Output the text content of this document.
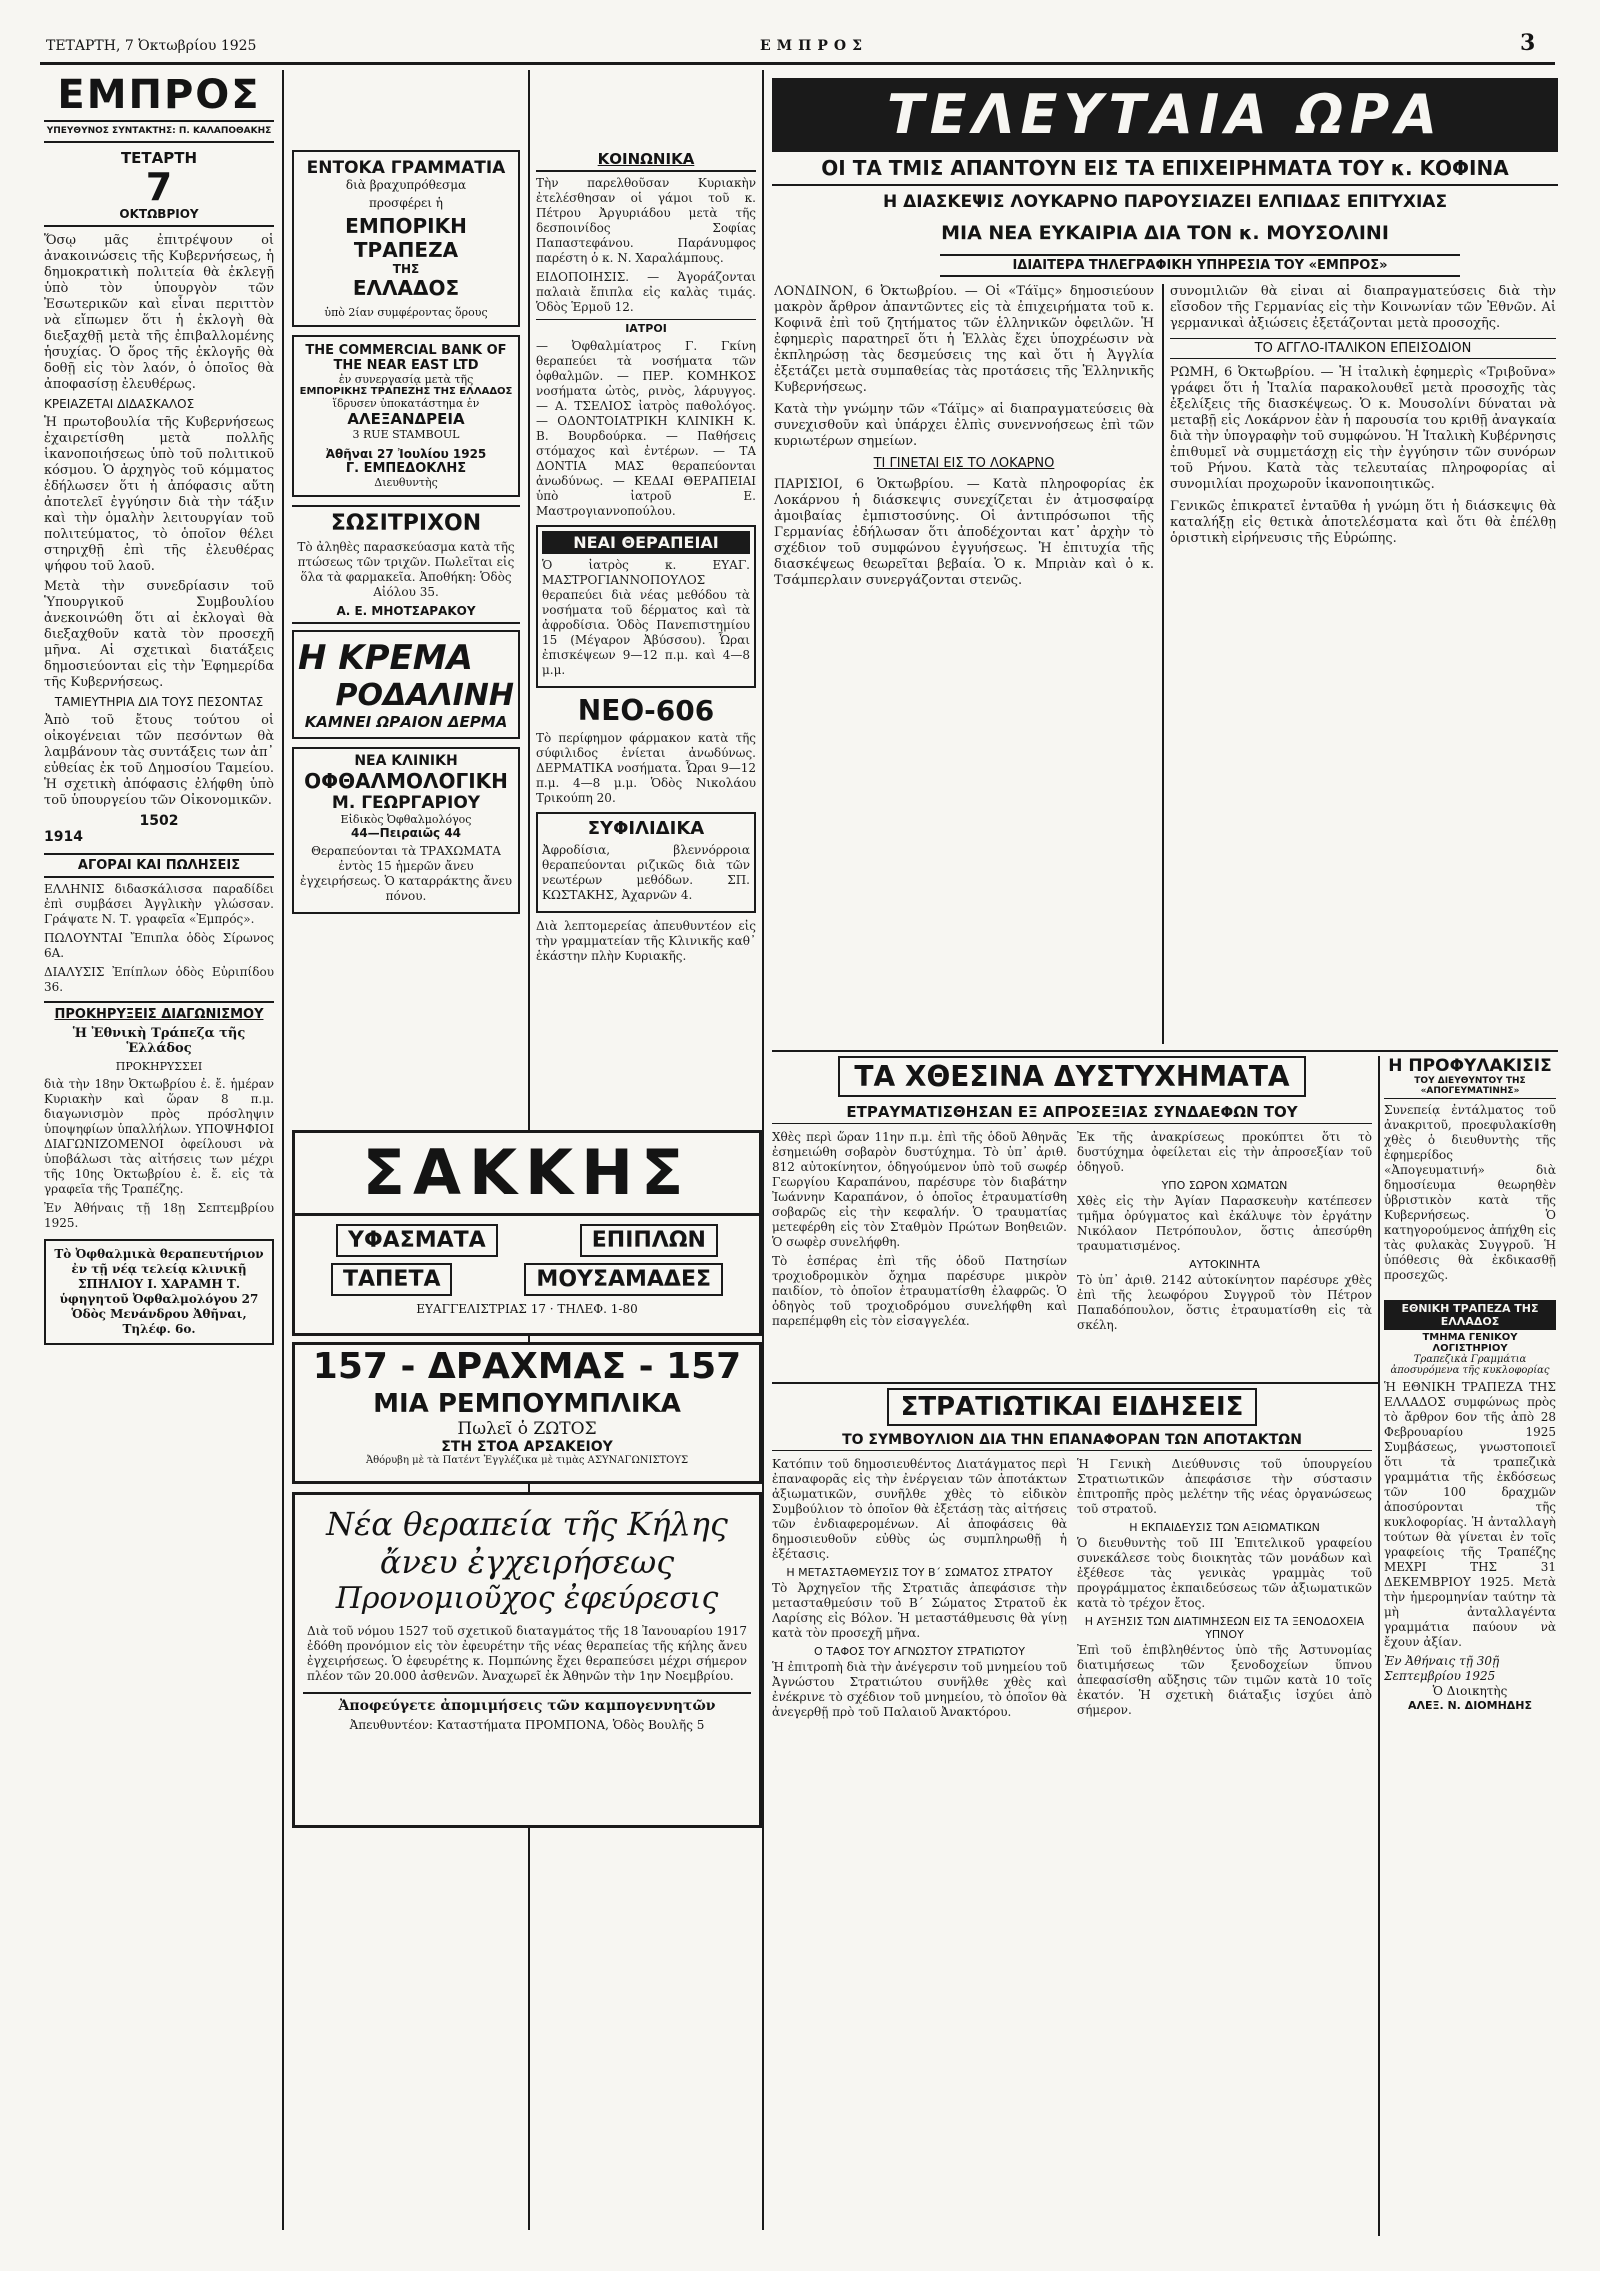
ΤΕΤΑΡΤΗ, 7 Ὀκτωβρίου 1925	ΕΜΠΡΟΣ	3
ΕΜΠΡΟΣ
ΥΠΕΥΘΥΝΟΣ ΣΥΝΤΑΚΤΗΣ: Π. ΚΑΛΑΠΟΘΑΚΗΣ
ΤΕΤΑΡΤΗ
7
ΟΚΤΩΒΡΙΟΥ

Ὅσῳ μᾶς ἐπιτρέψουν οἱ ἀνακοινώσεις τῆς Κυβερνήσεως, ἡ δημοκρατικὴ πολιτεία θὰ ἐκλεγῇ ὑπὸ τὸν ὑπουργὸν τῶν Ἐσωτερικῶν καὶ εἶναι περιττὸν νὰ εἴπωμεν ὅτι ἡ ἐκλογὴ θὰ διεξαχθῇ μετὰ τῆς ἐπιβαλλομένης ἡσυχίας. Ὁ ὅρος τῆς ἐκλογῆς θὰ δοθῇ εἰς τὸν λαόν, ὁ ὁποῖος θὰ ἀποφασίσῃ ἐλευθέρως.

ΚΡΕΙΑΖΕΤΑΙ ΔΙΔΑΣΚΑΛΟΣ

Ἡ πρωτοβουλία τῆς Κυβερνήσεως ἐχαιρετίσθη μετὰ πολλῆς ἱκανοποιήσεως ὑπὸ τοῦ πολιτικοῦ κόσμου. Ὁ ἀρχηγὸς τοῦ κόμματος ἐδήλωσεν ὅτι ἡ ἀπόφασις αὕτη ἀποτελεῖ ἐγγύησιν διὰ τὴν τάξιν καὶ τὴν ὁμαλὴν λειτουργίαν τοῦ πολιτεύματος, τὸ ὁποῖον θέλει στηριχθῇ ἐπὶ τῆς ἐλευθέρας ψήφου τοῦ λαοῦ.

Μετὰ τὴν συνεδρίασιν τοῦ Ὑπουργικοῦ Συμβουλίου ἀνεκοινώθη ὅτι αἱ ἐκλογαὶ θὰ διεξαχθοῦν κατὰ τὸν προσεχῆ μῆνα. Αἱ σχετικαὶ διατάξεις δημοσιεύονται εἰς τὴν Ἐφημερίδα τῆς Κυβερνήσεως.

ΤΑΜΙΕΥΤΗΡΙΑ ΔΙΑ ΤΟΥΣ ΠΕΣΟΝΤΑΣ

Ἀπὸ τοῦ ἔτους τούτου οἱ οἰκογένειαι τῶν πεσόντων θὰ λαμβάνουν τὰς συντάξεις των ἀπ᾿ εὐθείας ἐκ τοῦ Δημοσίου Ταμείου. Ἡ σχετικὴ ἀπόφασις ἐλήφθη ὑπὸ τοῦ ὑπουργείου τῶν Οἰκονομικῶν.

1502
1914
ΑΓΟΡΑΙ ΚΑΙ ΠΩΛΗΣΕΙΣ

ΕΛΛΗΝΙΣ διδασκάλισσα παραδίδει ἐπὶ συμβάσει Ἀγγλικὴν γλώσσαν. Γράψατε Ν. Τ. γραφεῖα «Ἐμπρός».

ΠΩΛΟΥΝΤΑΙ Ἔπιπλα ὁδὸς Σίρωνος 6Α.

ΔΙΑΛΥΣΙΣ Ἐπίπλων ὁδὸς Εὐριπίδου 36.

ΠΡΟΚΗΡΥΞΕΙΣ ΔΙΑΓΩΝΙΣΜΟΥ
Ἡ Ἐθνικὴ Τράπεζα τῆς Ἑλλάδος
ΠΡΟΚΗΡΥΣΣΕΙ

διὰ τὴν 18ην Ὀκτωβρίου ἐ. ἔ. ἡμέραν Κυριακὴν καὶ ὥραν 8 π.μ. διαγωνισμὸν πρὸς πρόσληψιν ὑποψηφίων ὑπαλλήλων. ΥΠΟΨΗΦΙΟΙ ΔΙΑΓΩΝΙΖΟΜΕΝΟΙ ὀφείλουσι νὰ ὑποβάλωσι τὰς αἰτήσεις των μέχρι τῆς 10ης Ὀκτωβρίου ἐ. ἔ. εἰς τὰ γραφεῖα τῆς Τραπέζης.

Ἐν Ἀθήναις τῇ 18ῃ Σεπτεμβρίου 1925.

Τὸ Ὀφθαλμικὰ θεραπευτήριον ἐν τῇ νέᾳ τελείᾳ κλινικῇ ΣΠΗΛΙΟΥ Ι. ΧΑΡΑΜΗ Τ. ὑφηγητοῦ Ὀφθαλμολόγου 27 Ὁδὸς Μενάνδρου Ἀθῆναι, Τηλέφ. 6ο.
ΕΝΤΟΚΑ ΓΡΑΜΜΑΤΙΑ
διὰ βραχυπρόθεσμα
προσφέρει ἡ
ΕΜΠΟΡΙΚΗ ΤΡΑΠΕΖΑ
ΤΗΣ
ΕΛΛΑΔΟΣ
ὑπὸ 2ίαν συμφέροντας ὅρους
THE COMMERCIAL BANK OF THE NEAR EAST LTD
ἐν συνεργασίᾳ μετὰ τῆς
ΕΜΠΟΡΙΚΗΣ ΤΡΑΠΕΖΗΣ ΤΗΣ ΕΛΛΑΔΟΣ
ἵδρυσεν ὑποκατάστημα ἐν
ΑΛΕΞΑΝΔΡΕΙΑ
3 RUE STAMBOUL
Ἀθῆναι 27 Ἰουλίου 1925
Γ. ΕΜΠΕΔΟΚΛΗΣ
Διευθυντὴς
ΣΩΣΙΤΡΙΧΟΝ

Τὸ ἀληθὲς παρασκεύασμα κατὰ τῆς πτώσεως τῶν τριχῶν. Πωλεῖται εἰς ὅλα τὰ φαρμακεῖα. Ἀποθήκη: Ὁδὸς Αἰόλου 35.

Α. Ε. ΜΗΟΤΣΑΡΑΚΟΥ
Η ΚΡΕΜΑ
ΡΟΔΑΛΙΝΗ
ΚΑΜΝΕΙ ΩΡΑΙΟΝ ΔΕΡΜΑ
ΝΕΑ ΚΛΙΝΙΚΗ
ΟΦΘΑΛΜΟΛΟΓΙΚΗ
Μ. ΓΕΩΡΓΑΡΙΟΥ
Εἰδικὸς Ὀφθαλμολόγος
44—Πειραιῶς 44

Θεραπεύονται τὰ ΤΡΑΧΩΜΑΤΑ ἐντὸς 15 ἡμερῶν ἄνευ ἐγχειρήσεως. Ὁ καταρράκτης ἄνευ πόνου.

ΚΟΙΝΩΝΙΚΑ

Τὴν παρελθοῦσαν Κυριακὴν ἐτελέσθησαν οἱ γάμοι τοῦ κ. Πέτρου Ἀργυριάδου μετὰ τῆς δεσποινίδος Σοφίας Παπαστεφάνου. Παράνυμφος παρέστη ὁ κ. Ν. Χαραλάμπους.

ΕΙΔΟΠΟΙΗΣΙΣ. — Ἀγοράζονται παλαιὰ ἔπιπλα εἰς καλὰς τιμάς. Ὁδὸς Ἑρμοῦ 12.

ΙΑΤΡΟΙ

— Ὀφθαλμίατρος Γ. Γκίνη θεραπεύει τὰ νοσήματα τῶν ὀφθαλμῶν. — ΠΕΡ. ΚΟΜΗΚΟΣ νοσήματα ὠτὸς, ρινὸς, λάρυγγος. — Α. ΤΣΕΛΙΟΣ ἰατρὸς παθολόγος. — ΟΔΟΝΤΟΙΑΤΡΙΚΗ ΚΛΙΝΙΚΗ Κ. Β. Βουρδούρκα. — Παθήσεις στόμαχος καὶ ἐντέρων. — ΤΑ ΔΟΝΤΙΑ ΜΑΣ θεραπεύονται ἀνωδύνως. — ΚΕΔΑΙ ΘΕΡΑΠΕΙΑΙ ὑπὸ ἰατροῦ Ε. Μαστρογιαννοπούλου.

ΝΕΑΙ ΘΕΡΑΠΕΙΑΙ

Ὁ ἰατρὸς κ. ΕΥΑΓ. ΜΑΣΤΡΟΓΙΑΝΝΟΠΟΥΛΟΣ θεραπεύει διὰ νέας μεθόδου τὰ νοσήματα τοῦ δέρματος καὶ τὰ ἀφροδίσια. Ὁδὸς Πανεπιστημίου 15 (Μέγαρον Ἀβύσσου). Ὧραι ἐπισκέψεων 9—12 π.μ. καὶ 4—8 μ.μ.

ΝΕΟ-606

Τὸ περίφημον φάρμακον κατὰ τῆς σύφιλιδος ἐνίεται ἀνωδύνως. ΔΕΡΜΑΤΙΚΑ νοσήματα. Ὧραι 9—12 π.μ. 4—8 μ.μ. Ὁδὸς Νικολάου Τρικούπη 20.

ΣΥΦΙΛΙΔΙΚΑ

Ἀφροδίσια, βλεννόρροια θεραπεύονται ριζικῶς διὰ τῶν νεωτέρων μεθόδων. ΣΠ. ΚΩΣΤΑΚΗΣ, Ἀχαρνῶν 4.

Διὰ λεπτομερείας ἀπευθυντέον εἰς τὴν γραμματείαν τῆς Κλινικῆς καθ᾿ ἑκάστην πλὴν Κυριακῆς.

ΣΑΚΚΗΣ
ΥΦΑΣΜΑΤΑ	ΕΠΙΠΛΩΝ
ΤΑΠΕΤΑ	ΜΟΥΣΑΜΑΔΕΣ
ΕΥΑΓΓΕΛΙΣΤΡΙΑΣ 17 · ΤΗΛΕΦ. 1-80
157 - ΔΡΑΧΜΑΣ - 157
ΜΙΑ ΡΕΜΠΟΥΜΠΛΙΚΑ
Πωλεῖ ὁ ΖΩΤΟΣ
ΣΤΗ ΣΤΟΑ ΑΡΣΑΚΕΙΟΥ
Ἀθόρυβη μὲ τὰ Πατέντ Ἐγγλέζικα μὲ τιμὰς ΑΣΥΝΑΓΩΝΙΣΤΟΥΣ
Νέα θεραπεία τῆς Κήλης
ἄνευ ἐγχειρήσεως
Προνομιοῦχος ἐφεύρεσις

Διὰ τοῦ νόμου 1527 τοῦ σχετικοῦ διαταγμάτος τῆς 18 Ἰανουαρίου 1917 ἐδόθη προνόμιον εἰς τὸν ἐφευρέτην τῆς νέας θεραπείας τῆς κήλης ἄνευ ἐγχειρήσεως. Ὁ ἐφευρέτης κ. Πομπώνης ἔχει θεραπεύσει μέχρι σήμερον πλέον τῶν 20.000 ἀσθενῶν. Ἀναχωρεῖ ἐκ Ἀθηνῶν τὴν 1ην Νοεμβρίου.

Ἀποφεύγετε ἀπομιμήσεις τῶν καμπογεννητῶν
Ἀπευθυντέον: Καταστήματα ΠΡΟΜΠΟΝΑ, Ὁδὸς Βουλῆς 5
ΤΕΛΕΥΤΑΙΑ ΩΡΑ
ΟΙ ΤΑ ΤΜΙΣ ΑΠΑΝΤΟΥΝ ΕΙΣ ΤΑ ΕΠΙΧΕΙΡΗΜΑΤΑ ΤΟΥ κ. ΚΟΦΙΝΑ
Η ΔΙΑΣΚΕΨΙΣ ΛΟΥΚΑΡΝΟ ΠΑΡΟΥΣΙΑΖΕΙ ΕΛΠΙΔΑΣ ΕΠΙΤΥΧΙΑΣ
ΜΙΑ ΝΕΑ ΕΥΚΑΙΡΙΑ ΔΙΑ ΤΟΝ κ. ΜΟΥΣΟΛΙΝΙ
ΙΔΙΑΙΤΕΡΑ ΤΗΛΕΓΡΑΦΙΚΗ ΥΠΗΡΕΣΙΑ ΤΟΥ «ΕΜΠΡΟΣ»

ΛΟΝΔΙΝΟΝ, 6 Ὀκτωβρίου. — Οἱ «Τάϊμς» δημοσιεύουν μακρὸν ἄρθρον ἀπαντῶντες εἰς τὰ ἐπιχειρήματα τοῦ κ. Κοφινᾶ ἐπὶ τοῦ ζητήματος τῶν ἑλληνικῶν ὀφειλῶν. Ἡ ἐφημερὶς παρατηρεῖ ὅτι ἡ Ἑλλὰς ἔχει ὑποχρέωσιν νὰ ἐκπληρώσῃ τὰς δεσμεύσεις της καὶ ὅτι ἡ Ἀγγλία ἐξετάζει μετὰ συμπαθείας τὰς προτάσεις τῆς Ἑλληνικῆς Κυβερνήσεως.

Κατὰ τὴν γνώμην τῶν «Τάϊμς» αἱ διαπραγματεύσεις θὰ συνεχισθοῦν καὶ ὑπάρχει ἐλπὶς συνεννοήσεως ἐπὶ τῶν κυριωτέρων σημείων.

ΤΙ ΓΙΝΕΤΑΙ ΕΙΣ ΤΟ ΛΟΚΑΡΝΟ

ΠΑΡΙΣΙΟΙ, 6 Ὀκτωβρίου. — Κατὰ πληροφορίας ἐκ Λοκάρνου ἡ διάσκεψις συνεχίζεται ἐν ἀτμοσφαίρᾳ ἀμοιβαίας ἐμπιστοσύνης. Οἱ ἀντιπρόσωποι τῆς Γερμανίας ἐδήλωσαν ὅτι ἀποδέχονται κατ᾿ ἀρχὴν τὸ σχέδιον τοῦ συμφώνου ἐγγυήσεως. Ἡ ἐπιτυχία τῆς διασκέψεως θεωρεῖται βεβαία. Ὁ κ. Μπριὰν καὶ ὁ κ. Τσάμπερλαιν συνεργάζονται στενῶς.

συνομιλιῶν θὰ εἶναι αἱ διαπραγματεύσεις διὰ τὴν εἴσοδον τῆς Γερμανίας εἰς τὴν Κοινωνίαν τῶν Ἐθνῶν. Αἱ γερμανικαὶ ἀξιώσεις ἐξετάζονται μετὰ προσοχῆς.

ΤΟ ΑΓΓΛΟ-ΙΤΑΛΙΚΟΝ ΕΠΕΙΣΟΔΙΟΝ

ΡΩΜΗ, 6 Ὀκτωβρίου. — Ἡ ἰταλικὴ ἐφημερὶς «Τριβοῦνα» γράφει ὅτι ἡ Ἰταλία παρακολουθεῖ μετὰ προσοχῆς τὰς ἐξελίξεις τῆς διασκέψεως. Ὁ κ. Μουσολίνι δύναται νὰ μεταβῇ εἰς Λοκάρνον ἐὰν ἡ παρουσία του κριθῇ ἀναγκαία διὰ τὴν ὑπογραφὴν τοῦ συμφώνου. Ἡ Ἰταλικὴ Κυβέρνησις ἐπιθυμεῖ νὰ συμμετάσχῃ εἰς τὴν ἐγγύησιν τῶν συνόρων τοῦ Ρήνου. Κατὰ τὰς τελευταίας πληροφορίας αἱ συνομιλίαι προχωροῦν ἱκανοποιητικῶς.

Γενικῶς ἐπικρατεῖ ἐνταῦθα ἡ γνώμη ὅτι ἡ διάσκεψις θὰ καταλήξῃ εἰς θετικὰ ἀποτελέσματα καὶ ὅτι θὰ ἐπέλθῃ ὁριστικὴ εἰρήνευσις τῆς Εὐρώπης.

ΤΑ ΧΘΕΣΙΝΑ ΔΥΣΤΥΧΗΜΑΤΑ
ΕΤΡΑΥΜΑΤΙΣΘΗΣΑΝ ΕΞ ΑΠΡΟΣΕΞΙΑΣ ΣΥΝΔΑΕΦΩΝ ΤΟΥ

Χθὲς περὶ ὥραν 11ην π.μ. ἐπὶ τῆς ὁδοῦ Ἀθηνᾶς ἐσημειώθη σοβαρὸν δυστύχημα. Τὸ ὑπ᾿ ἀριθ. 812 αὐτοκίνητον, ὁδηγούμενον ὑπὸ τοῦ σωφέρ Γεωργίου Καραπάνου, παρέσυρε τὸν διαβάτην Ἰωάννην Καραπάνον, ὁ ὁποῖος ἐτραυματίσθη σοβαρῶς εἰς τὴν κεφαλήν. Ὁ τραυματίας μετεφέρθη εἰς τὸν Σταθμὸν Πρώτων Βοηθειῶν. Ὁ σωφὲρ συνελήφθη.

Τὸ ἑσπέρας ἐπὶ τῆς ὁδοῦ Πατησίων τροχιοδρομικὸν ὄχημα παρέσυρε μικρὸν παιδίον, τὸ ὁποῖον ἐτραυματίσθη ἐλαφρῶς. Ὁ ὁδηγὸς τοῦ τροχιοδρόμου συνελήφθη καὶ παρεπέμφθη εἰς τὸν εἰσαγγελέα.

Ἐκ τῆς ἀνακρίσεως προκύπτει ὅτι τὸ δυστύχημα ὀφείλεται εἰς τὴν ἀπροσεξίαν τοῦ ὁδηγοῦ.

ΥΠΟ ΣΩΡΟΝ ΧΩΜΑΤΩΝ

Χθὲς εἰς τὴν Ἀγίαν Παρασκευὴν κατέπεσεν τμῆμα ὀρύγματος καὶ ἐκάλυψε τὸν ἐργάτην Νικόλαον Πετρόπουλον, ὅστις ἀπεσύρθη τραυματισμένος.

ΑΥΤΟΚΙΝΗΤΑ

Τὸ ὑπ᾿ ἀριθ. 2142 αὐτοκίνητον παρέσυρε χθὲς ἐπὶ τῆς λεωφόρου Συγγροῦ τὸν Πέτρον Παπαδόπουλον, ὅστις ἐτραυματίσθη εἰς τὰ σκέλη.

Η ΠΡΟΦΥΛΑΚΙΣΙΣ
ΤΟΥ ΔΙΕΥΘΥΝΤΟΥ ΤΗΣ «ΑΠΟΓΕΥΜΑΤΙΝΗΣ»

Συνεπείᾳ ἐντάλματος τοῦ ἀνακριτοῦ, προεφυλακίσθη χθὲς ὁ διευθυντὴς τῆς ἐφημερίδος «Ἀπογευματινή» διὰ δημοσίευμα θεωρηθὲν ὑβριστικὸν κατὰ τῆς Κυβερνήσεως. Ὁ κατηγορούμενος ἀπήχθη εἰς τὰς φυλακὰς Συγγροῦ. Ἡ ὑπόθεσις θὰ ἐκδικασθῇ προσεχῶς.

ΕΘΝΙΚΗ ΤΡΑΠΕΖΑ ΤΗΣ ΕΛΛΑΔΟΣ
ΤΜΗΜΑ ΓΕΝΙΚΟΥ ΛΟΓΙΣΤΗΡΙΟΥ
Τραπεζικὰ Γραμμάτια ἀποσυρόμενα τῆς κυκλοφορίας

Ἡ ΕΘΝΙΚΗ ΤΡΑΠΕΖΑ ΤΗΣ ΕΛΛΑΔΟΣ συμφώνως πρὸς τὸ ἄρθρον 6ον τῆς ἀπὸ 28 Φεβρουαρίου 1925 Συμβάσεως, γνωστοποιεῖ ὅτι τὰ τραπεζικὰ γραμμάτια τῆς ἐκδόσεως τῶν 100 δραχμῶν ἀποσύρονται τῆς κυκλοφορίας. Ἡ ἀνταλλαγὴ τούτων θὰ γίνεται ἐν τοῖς γραφείοις τῆς Τραπέζης ΜΕΧΡΙ ΤΗΣ 31 ΔΕΚΕΜΒΡΙΟΥ 1925. Μετὰ τὴν ἡμερομηνίαν ταύτην τὰ μὴ ἀνταλλαγέντα γραμμάτια παύουν νὰ ἔχουν ἀξίαν.

Ἐν Ἀθήναις τῇ 30ῇ Σεπτεμβρίου 1925
Ὁ Διοικητὴς
ΑΛΕΞ. Ν. ΔΙΟΜΗΔΗΣ
ΣΤΡΑΤΙΩΤΙΚΑΙ ΕΙΔΗΣΕΙΣ
ΤΟ ΣΥΜΒΟΥΛΙΟΝ ΔΙΑ ΤΗΝ ΕΠΑΝΑΦΟΡΑΝ ΤΩΝ ΑΠΟΤΑΚΤΩΝ

Κατόπιν τοῦ δημοσιευθέντος Διατάγματος περὶ ἐπαναφορᾶς εἰς τὴν ἐνέργειαν τῶν ἀποτάκτων ἀξιωματικῶν, συνῆλθε χθὲς τὸ εἰδικὸν Συμβούλιον τὸ ὁποῖον θὰ ἐξετάσῃ τὰς αἰτήσεις τῶν ἐνδιαφερομένων. Αἱ ἀποφάσεις θὰ δημοσιευθοῦν εὐθὺς ὡς συμπληρωθῇ ἡ ἐξέτασις.

Η ΜΕΤΑΣΤΑΘΜΕΥΣΙΣ ΤΟΥ Β΄ ΣΩΜΑΤΟΣ ΣΤΡΑΤΟΥ

Τὸ Ἀρχηγεῖον τῆς Στρατιᾶς ἀπεφάσισε τὴν μετασταθμεύσιν τοῦ Β΄ Σώματος Στρατοῦ ἐκ Λαρίσης εἰς Βόλον. Ἡ μεταστάθμευσις θὰ γίνῃ κατὰ τὸν προσεχῆ μῆνα.

Ο ΤΑΦΟΣ ΤΟΥ ΑΓΝΩΣΤΟΥ ΣΤΡΑΤΙΩΤΟΥ

Ἡ ἐπιτροπὴ διὰ τὴν ἀνέγερσιν τοῦ μνημείου τοῦ Ἀγνώστου Στρατιώτου συνῆλθε χθὲς καὶ ἐνέκρινε τὸ σχέδιον τοῦ μνημείου, τὸ ὁποῖον θὰ ἀνεγερθῇ πρὸ τοῦ Παλαιοῦ Ἀνακτόρου.

Ἡ Γενικὴ Διεύθυνσις τοῦ ὑπουργείου Στρατιωτικῶν ἀπεφάσισε τὴν σύστασιν ἐπιτροπῆς πρὸς μελέτην τῆς νέας ὀργανώσεως τοῦ στρατοῦ.

Η ΕΚΠΑΙΔΕΥΣΙΣ ΤΩΝ ΑΞΙΩΜΑΤΙΚΩΝ

Ὁ διευθυντὴς τοῦ ΙΙΙ Ἐπιτελικοῦ γραφείου συνεκάλεσε τοὺς διοικητὰς τῶν μονάδων καὶ ἐξέθεσε τὰς γενικὰς γραμμὰς τοῦ προγράμματος ἐκπαιδεύσεως τῶν ἀξιωματικῶν κατὰ τὸ τρέχον ἔτος.

Η ΑΥΞΗΣΙΣ ΤΩΝ ΔΙΑΤΙΜΗΣΕΩΝ ΕΙΣ ΤΑ ΞΕΝΟΔΟΧΕΙΑ ΥΠΝΟΥ

Ἐπὶ τοῦ ἐπιβληθέντος ὑπὸ τῆς Ἀστυνομίας διατιμήσεως τῶν ξενοδοχείων ὕπνου ἀπεφασίσθη αὔξησις τῶν τιμῶν κατὰ 10 τοῖς ἑκατόν. Ἡ σχετικὴ διάταξις ἰσχύει ἀπὸ σήμερον.
